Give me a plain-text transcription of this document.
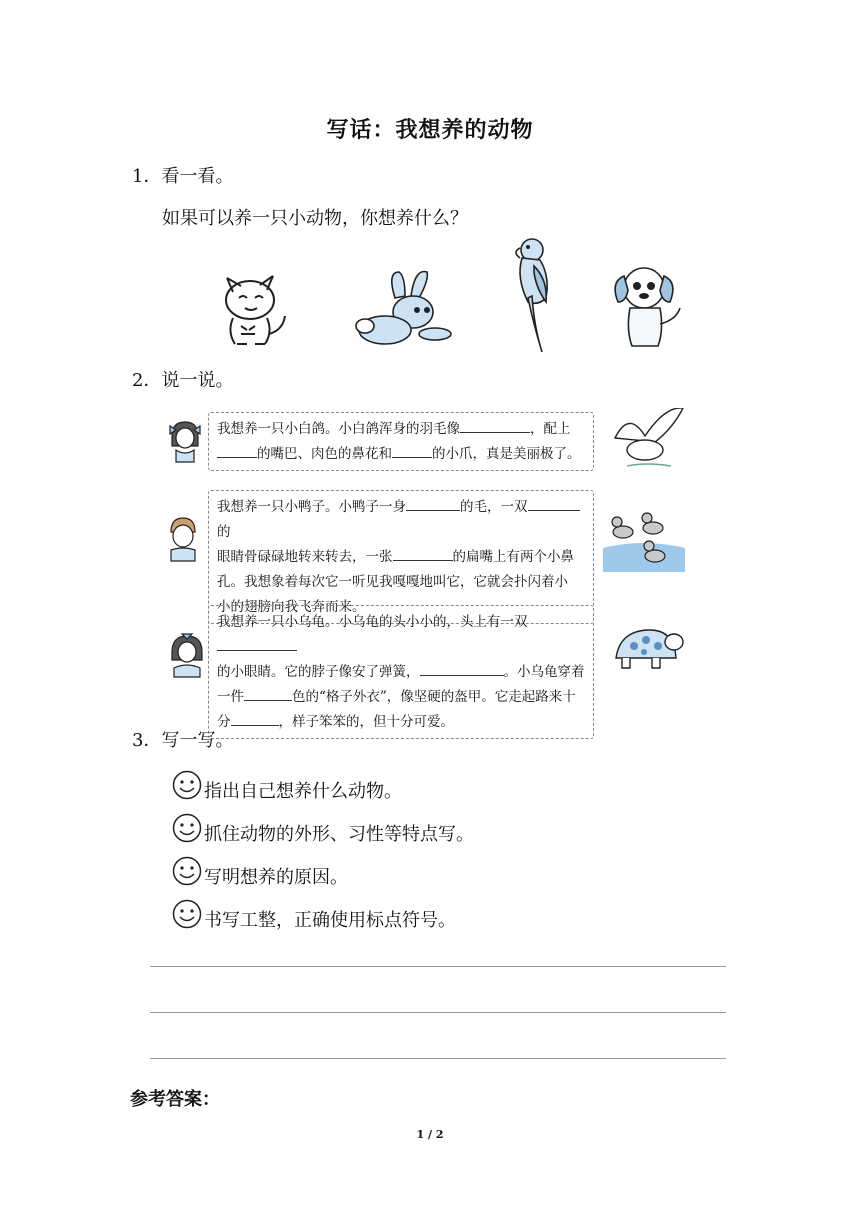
写话：我想养的动物
1．看一看。
如果可以养一只小动物，你想养什么？
2．说一说。
我想养一只小白鸽。小白鸽浑身的羽毛像	，配上
的嘴巴、肉色的鼻花和	的小爪，真是美丽极了。
我想养一只小鸭子。小鸭子一身	的毛，一双的
眼睛骨碌碌地转来转去，一张	的扁嘴上有两个小鼻
孔。我想象着每次它一听见我嘎嘎地叫它，它就会扑闪着小
小的翅膀向我飞奔而来。
我想养一只小乌龟。小乌龟的头小小的，头上有一双
的小眼睛。它的脖子像安了弹簧，	。小乌龟穿着
一件	色的“格子外衣”，像坚硬的盔甲。它走起路来十
分	，样子笨笨的，但十分可爱。
3．写一写。
指出自己想养什么动物。
抓住动物的外形、习性等特点写。
写明想养的原因。
书写工整，正确使用标点符号。
参考答案：
1 / 2
